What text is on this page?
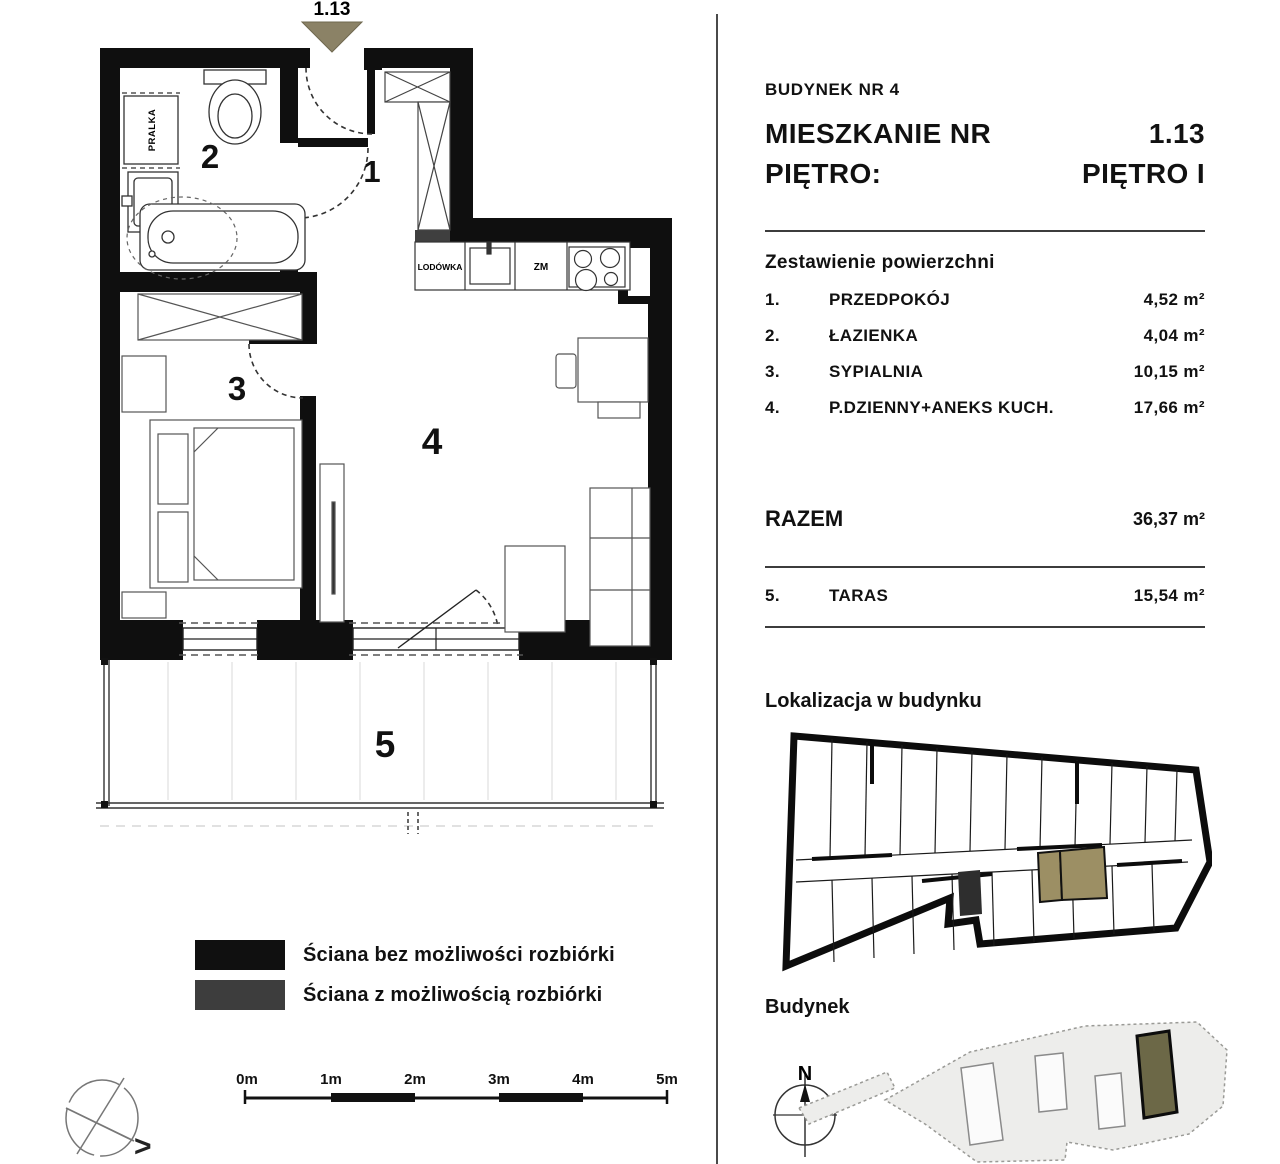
1.13
PRALKA
LODÓWKA	ZM
1
2
3
4
5
BUDYNEK NR 4
MIESZKANIE NR	1.13
PIĘTRO:	PIĘTRO I
Zestawienie powierzchni
1.	PRZEDPOKÓJ	4,52 m²
2.	ŁAZIENKA	4,04 m²
3.	SYPIALNIA	10,15 m²
4.	P.DZIENNY+ANEKS KUCH.	17,66 m²
RAZEM	36,37 m²
5.	TARAS	15,54 m²
Lokalizacja w budynku
Budynek
N
Ściana bez możliwości rozbiórki
Ściana z możliwością rozbiórki
0m	1m	2m	3m	4m	5m
>
